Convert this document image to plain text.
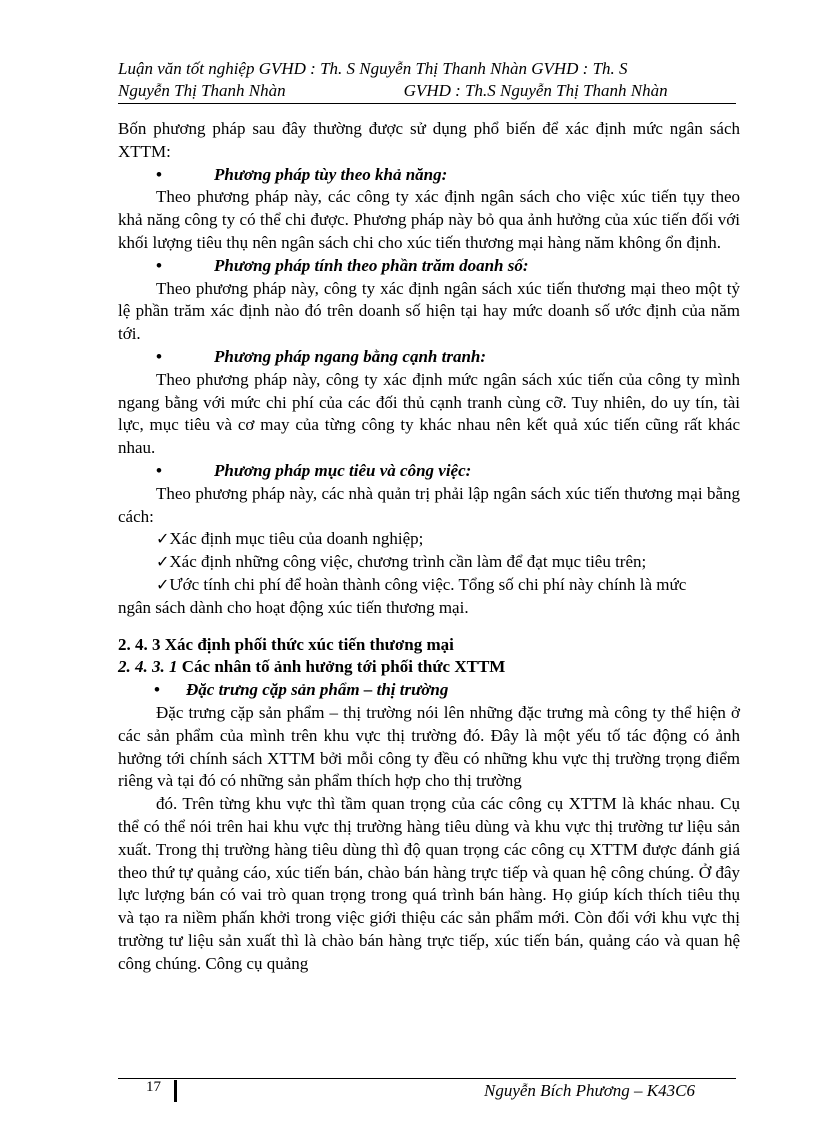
Luận văn tốt nghiệp GVHD : Th. S Nguyễn Thị Thanh Nhàn GVHD : Th. S
Nguyễn Thị Thanh Nhàn	GVHD : Th.S Nguyễn Thị Thanh Nhàn

Bốn phương pháp sau đây thường được sử dụng phổ biến để xác định mức ngân sách XTTM:

•	Phương pháp tùy theo khả năng:

Theo phương pháp này, các công ty xác định ngân sách cho việc xúc tiến tụy theo khả năng công ty có thể chi được. Phương pháp này bỏ qua ảnh hưởng của xúc tiến đối với khối lượng tiêu thụ nên ngân sách chi cho xúc tiến thương mại hàng năm không ổn định.

•	Phương pháp tính theo phần trăm doanh số:

Theo phương pháp này, công ty xác định ngân sách xúc tiến thương mại theo một tỷ lệ phần trăm xác định nào đó trên doanh số hiện tại hay mức doanh số ước định của năm tới.

•	Phương pháp ngang bằng cạnh tranh:

Theo phương pháp này, công ty xác định mức ngân sách xúc tiến của công ty mình ngang bằng với mức chi phí của các đối thủ cạnh tranh cùng cỡ. Tuy nhiên, do uy tín, tài lực, mục tiêu và cơ may của từng công ty khác nhau nên kết quả xúc tiến cũng rất khác nhau.

•	Phương pháp mục tiêu và công việc:

Theo phương pháp này, các nhà quản trị phải lập ngân sách xúc tiến thương mại bằng cách:

✓Xác định mục tiêu của doanh nghiệp;

✓Xác định những công việc, chương trình cần làm để đạt mục tiêu trên;

✓Ước tính chi phí để hoàn thành công việc. Tổng số chi phí này chính là mức

ngân sách dành cho hoạt động xúc tiến thương mại.

2. 4. 3 Xác định phối thức xúc tiến thương mại

2. 4. 3. 1 Các nhân tố ảnh hưởng tới phối thức XTTM

• Đặc trưng cặp sản phẩm – thị trường

Đặc trưng cặp sản phẩm – thị trường nói lên những đặc trưng mà công ty thể hiện ở các sản phẩm của mình trên khu vực thị trường đó. Đây là một yếu tố tác động có ảnh hưởng tới chính sách XTTM bởi mỗi công ty đều có những khu vực thị trường trọng điểm riêng và tại đó có những sản phẩm thích hợp cho thị trường

đó. Trên từng khu vực thì tầm quan trọng của các công cụ XTTM là khác nhau. Cụ thể có thể nói trên hai khu vực thị trường hàng tiêu dùng và khu vực thị trường tư liệu sản xuất. Trong thị trường hàng tiêu dùng thì độ quan trọng các công cụ XTTM được đánh giá theo thứ tự quảng cáo, xúc tiến bán, chào bán hàng trực tiếp và quan hệ công chúng. Ở đây lực lượng bán có vai trò quan trọng trong quá trình bán hàng. Họ giúp kích thích tiêu thụ và tạo ra niềm phấn khởi trong việc giới thiệu các sản phẩm mới. Còn đối với khu vực thị trường tư liệu sản xuất thì là chào bán hàng trực tiếp, xúc tiến bán, quảng cáo và quan hệ công chúng. Công cụ quảng

17	Nguyễn Bích Phương – K43C6
